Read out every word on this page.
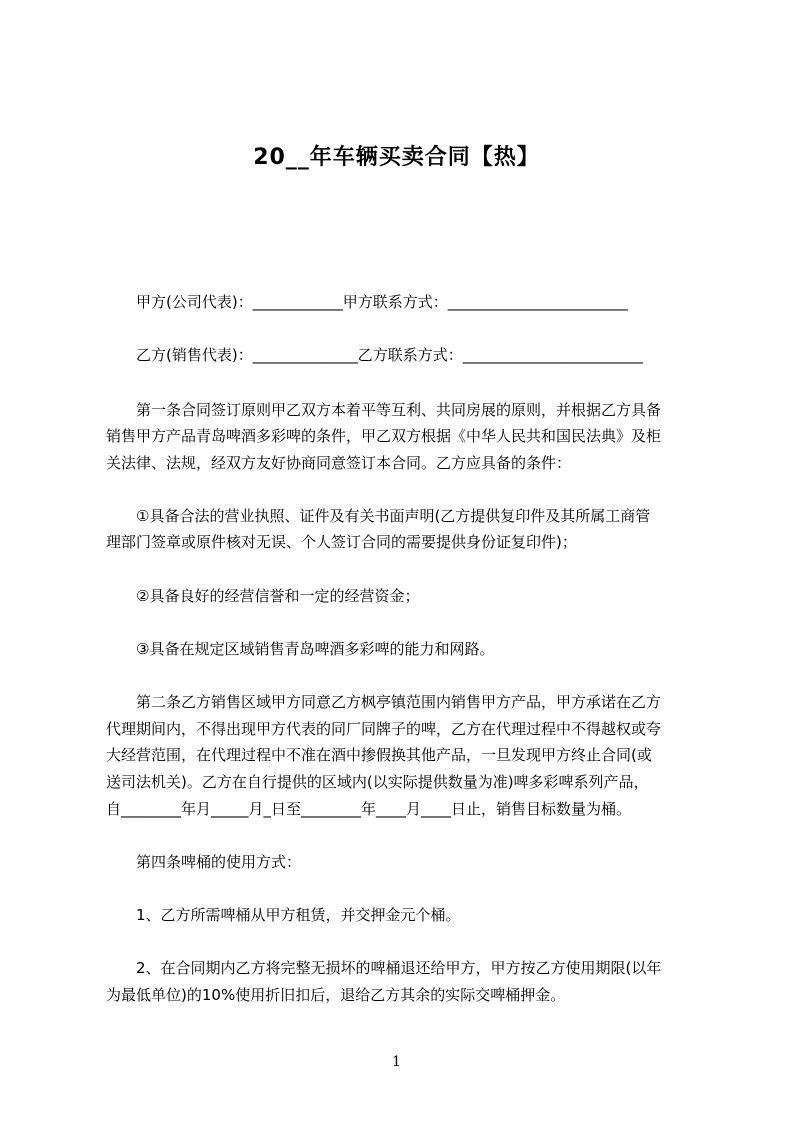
20__年车辆买卖合同【热】
甲方(公司代表)：____________甲方联系方式：________________________
乙方(销售代表)：______________乙方联系方式：________________________
第一条合同签订原则甲乙双方本着平等互利、共同房展的原则，并根据乙方具备
销售甲方产品青岛啤酒多彩啤的条件，甲乙双方根据《中华人民共和国民法典》及柜
关法律、法规，经双方友好协商同意签订本合同。乙方应具备的条件：
①具备合法的营业执照、证件及有关书面声明(乙方提供复印件及其所属工商管
理部门签章或原件核对无误、个人签订合同的需要提供身份证复印件)；
②具备良好的经营信誉和一定的经营资金；
③具备在规定区域销售青岛啤酒多彩啤的能力和网路。
第二条乙方销售区域甲方同意乙方枫亭镇范围内销售甲方产品，甲方承诺在乙方
代理期间内，不得出现甲方代表的同厂同牌子的啤，乙方在代理过程中不得越权或夸
大经营范围，在代理过程中不准在酒中掺假换其他产品，一旦发现甲方终止合同(或
送司法机关)。乙方在自行提供的区域内(以实际提供数量为准)啤多彩啤系列产品，
自________年月_____月_日至________年____月____日止，销售目标数量为桶。
第四条啤桶的使用方式：
1、乙方所需啤桶从甲方租赁，并交押金元个桶。
2、在合同期内乙方将完整无损坏的啤桶退还给甲方，甲方按乙方使用期限(以年
为最低单位)的10%使用折旧扣后，退给乙方其余的实际交啤桶押金。
1
